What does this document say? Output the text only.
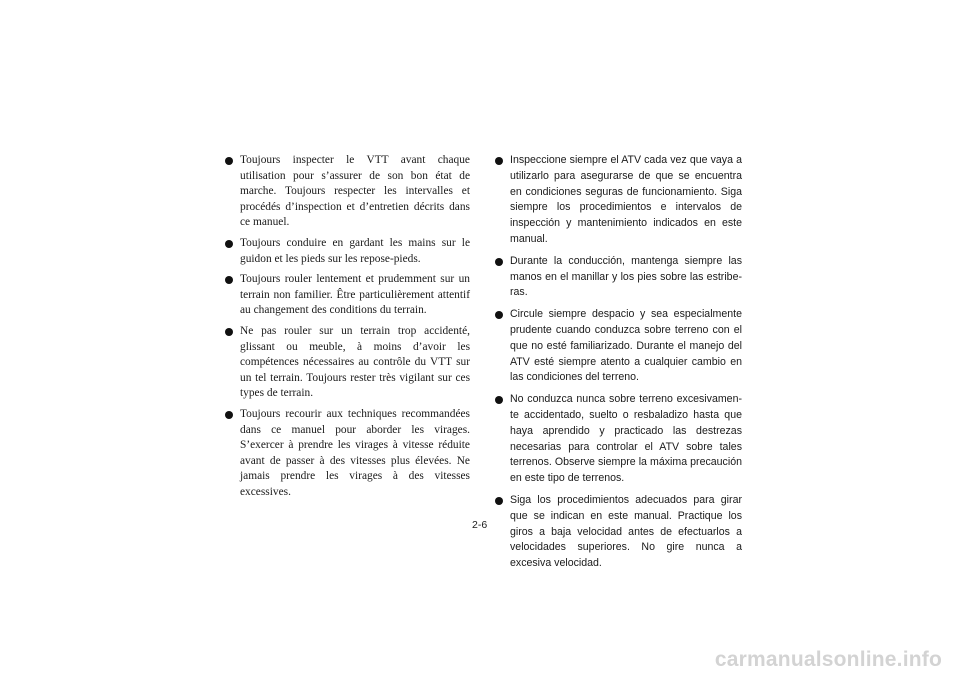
Toujours inspecter le VTT avant chaque utilisation pour s’assurer de son bon état de marche. Toujours respecter les intervalles et procédés d’inspection et d’entretien décrits dans ce manuel.
Toujours conduire en gardant les mains sur le guidon et les pieds sur les repose-pieds.
Toujours rouler lentement et prudemment sur un terrain non familier. Être particulièrement attentif au changement des conditions du terrain.
Ne pas rouler sur un terrain trop accidenté, glissant ou meuble, à moins d’avoir les compétences nécessaires au contrôle du VTT sur un tel terrain. Toujours rester très vigilant sur ces types de terrain.
Toujours recourir aux techniques recommandées dans ce manuel pour aborder les virages. S’exercer à prendre les virages à vitesse réduite avant de passer à des vitesses plus élevées. Ne jamais prendre les virages à des vitesses excessives.
Inspeccione siempre el ATV cada vez que vaya a utilizarlo para asegurarse de que se encuentra en condiciones seguras de funcionamiento. Siga siempre los procedimientos e intervalos de inspección y mantenimiento indicados en este manual.
Durante la conducción, mantenga siempre las manos en el manillar y los pies sobre las estriberas.
Circule siempre despacio y sea especialmente prudente cuando conduzca sobre terreno con el que no esté familiarizado. Durante el manejo del ATV esté siempre atento a cualquier cambio en las condiciones del terreno.
No conduzca nunca sobre terreno excesivamente accidentado, suelto o resbaladizo hasta que haya aprendido y practicado las destrezas necesarias para controlar el ATV sobre tales terrenos. Observe siempre la máxima precaución en este tipo de terrenos.
Siga los procedimientos adecuados para girar que se indican en este manual. Practique los giros a baja velocidad antes de efectuarlos a velocidades superiores. No gire nunca a excesiva velocidad.
2-6
carmanualsonline.info
